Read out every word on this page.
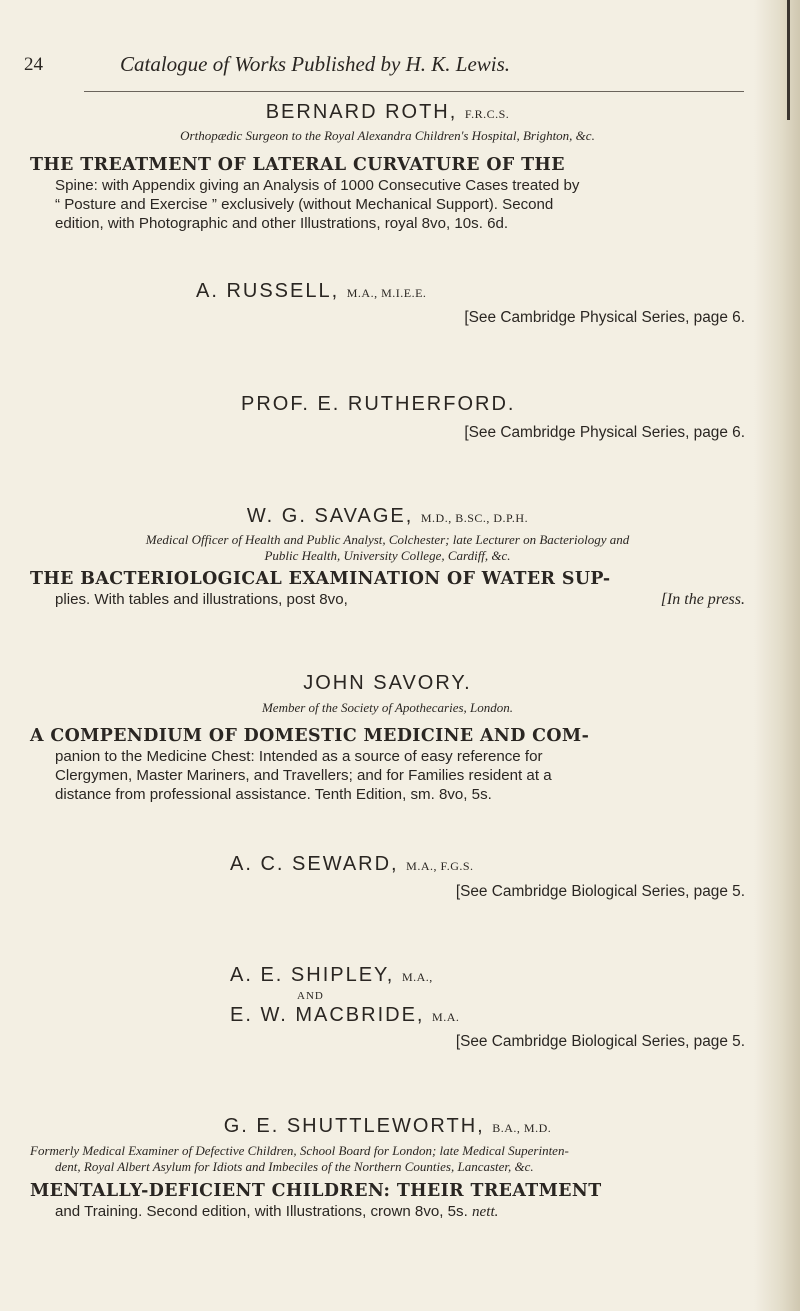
24	Catalogue of Works Published by H. K. Lewis.
BERNARD ROTH, F.R.C.S.
Orthopædic Surgeon to the Royal Alexandra Children's Hospital, Brighton, &c.
THE TREATMENT OF LATERAL CURVATURE OF THE
Spine: with Appendix giving an Analysis of 1000 Consecutive Cases treated by
“ Posture and Exercise ” exclusively (without Mechanical Support). Second
edition, with Photographic and other Illustrations, royal 8vo, 10s. 6d.
A. RUSSELL, M.A., M.I.E.E.
[See Cambridge Physical Series, page 6.
PROF. E. RUTHERFORD.
[See Cambridge Physical Series, page 6.
W. G. SAVAGE, M.D., B.SC., D.P.H.
Medical Officer of Health and Public Analyst, Colchester; late Lecturer on Bacteriology and
Public Health, University College, Cardiff, &c.
THE BACTERIOLOGICAL EXAMINATION OF WATER SUP-
plies. With tables and illustrations, post 8vo,	[In the press.
JOHN SAVORY.
Member of the Society of Apothecaries, London.
A COMPENDIUM OF DOMESTIC MEDICINE AND COM-
panion to the Medicine Chest: Intended as a source of easy reference for
Clergymen, Master Mariners, and Travellers; and for Families resident at a
distance from professional assistance. Tenth Edition, sm. 8vo, 5s.
A. C. SEWARD, M.A., F.G.S.
[See Cambridge Biological Series, page 5.
A. E. SHIPLEY, M.A.,
AND
E. W. MACBRIDE, M.A.
[See Cambridge Biological Series, page 5.
G. E. SHUTTLEWORTH, B.A., M.D.
Formerly Medical Examiner of Defective Children, School Board for London; late Medical Superinten-
dent, Royal Albert Asylum for Idiots and Imbeciles of the Northern Counties, Lancaster, &c.
MENTALLY-DEFICIENT CHILDREN: THEIR TREATMENT
and Training. Second edition, with Illustrations, crown 8vo, 5s. nett.
